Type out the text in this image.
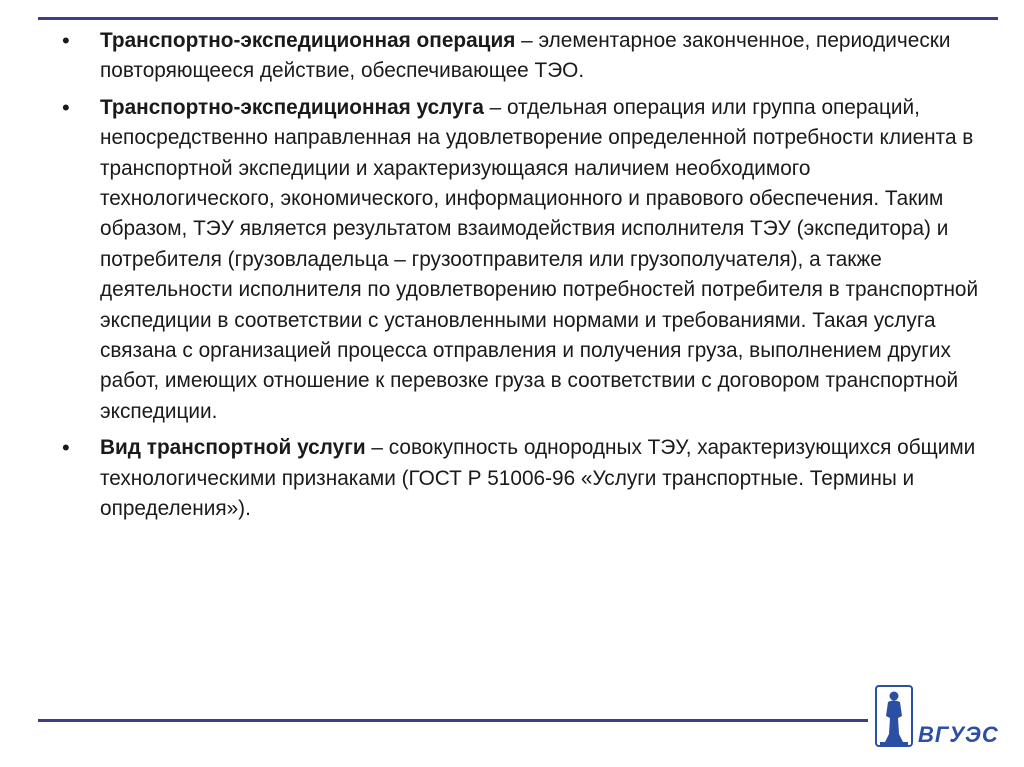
• Транспортно-экспедиционная операция – элементарное законченное, периодически повторяющееся действие, обеспечивающее ТЭО.
• Транспортно-экспедиционная услуга – отдельная операция или группа операций, непосредственно направленная на удовлетворение определенной потребности клиента в транспортной экспедиции и характеризующаяся наличием необходимого технологического, экономического, информационного и правового обеспечения. Таким образом, ТЭУ является результатом взаимодействия исполнителя ТЭУ (экспедитора) и потребителя (грузовладельца – грузоотправителя или грузополучателя), а также деятельности исполнителя по удовлетворению потребностей потребителя в транспортной экспедиции в соответствии с установленными нормами и требованиями. Такая услуга связана с организацией процесса отправления и получения груза, выполнением других работ, имеющих отношение к перевозке груза в соответствии с договором транспортной экспедиции.
• Вид транспортной услуги – совокупность однородных ТЭУ, характеризующихся общими технологическими признаками (ГОСТ Р 51006-96 «Услуги транспортные. Термины и определения»).
ВГУЭС
